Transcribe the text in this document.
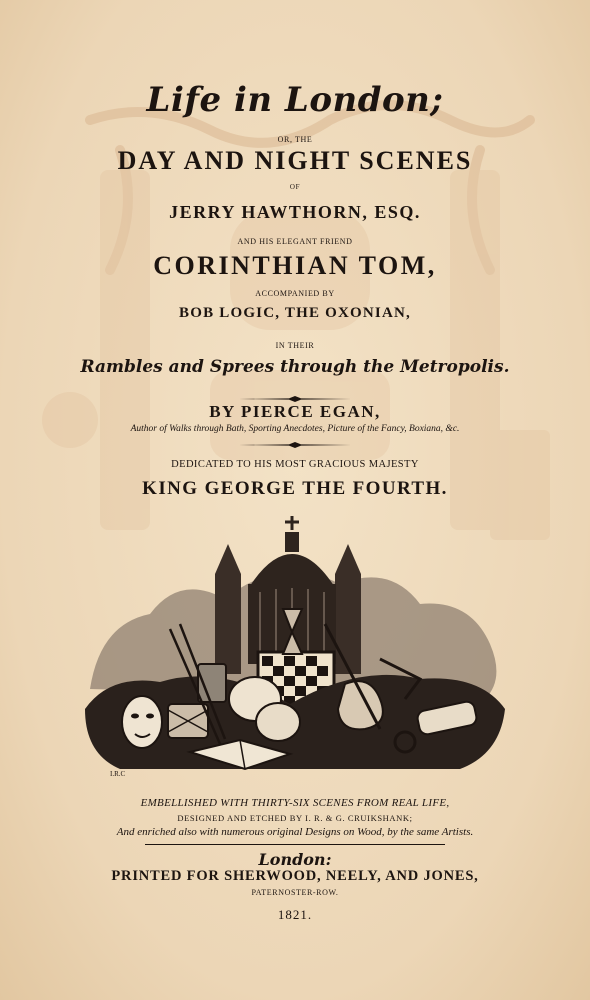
Life in London;
OR, THE
DAY AND NIGHT SCENES
OF
JERRY HAWTHORN, ESQ.
AND HIS ELEGANT FRIEND
CORINTHIAN TOM,
ACCOMPANIED BY
BOB LOGIC, THE OXONIAN,
IN THEIR
Rambles and Sprees through the Metropolis.
BY PIERCE EGAN,
Author of Walks through Bath, Sporting Anecdotes, Picture of the Fancy, Boxiana, &c.
DEDICATED TO HIS MOST GRACIOUS MAJESTY
KING GEORGE THE FOURTH.
I.R.C
EMBELLISHED WITH THIRTY-SIX SCENES FROM REAL LIFE,
DESIGNED AND ETCHED BY I. R. & G. CRUIKSHANK;
And enriched also with numerous original Designs on Wood, by the same Artists.
London:
PRINTED FOR SHERWOOD, NEELY, AND JONES,
PATERNOSTER-ROW.
1821.
